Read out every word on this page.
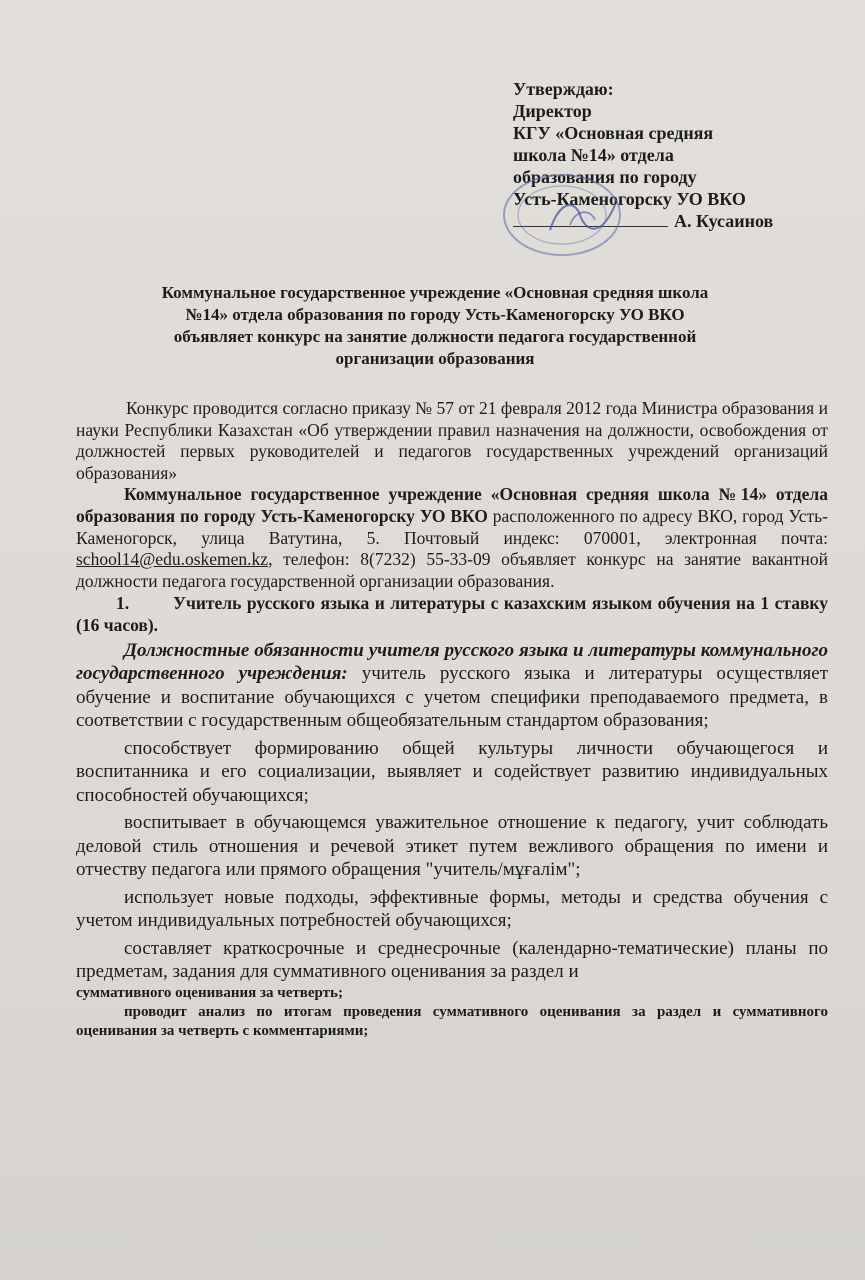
Утверждаю:
Директор
КГУ «Основная средняя
школа №14» отдела
образования по городу
Усть-Каменогорску УО ВКО
А. Кусаинов
Коммунальное государственное учреждение «Основная средняя школа
№14» отдела образования по городу Усть-Каменогорску УО ВКО
объявляет конкурс на занятие должности педагога государственной
организации образования

Конкурс проводится согласно приказу № 57 от 21 февраля 2012 года Министра образования и науки Республики Казахстан «Об утверждении правил назначения на должности, освобождения от должностей первых руководителей и педагогов государственных учреждений организаций образования»

Коммунальное государственное учреждение «Основная средняя школа №14» отдела образования по городу Усть-Каменогорску УО ВКО расположенного по адресу ВКО, город Усть-Каменогорск, улица Ватутина, 5. Почтовый индекс: 070001, электронная почта: school14@edu.oskemen.kz, телефон: 8(7232) 55-33-09 объявляет конкурс на занятие вакантной должности педагога государственной организации образования.

1.	Учитель русского языка и литературы с казахским языком обучения на 1 ставку (16 часов).

Должностные обязанности учителя русского языка и литературы коммунального государственного учреждения: учитель русского языка и литературы осуществляет обучение и воспитание обучающихся с учетом специфики преподаваемого предмета, в соответствии с государственным общеобязательным стандартом образования;

способствует формированию общей культуры личности обучающегося и воспитанника и его социализации, выявляет и содействует развитию индивидуальных способностей обучающихся;

воспитывает в обучающемся уважительное отношение к педагогу, учит соблюдать деловой стиль отношения и речевой этикет путем вежливого обращения по имени и отчеству педагога или прямого обращения "учитель/мұғалім";

использует новые подходы, эффективные формы, методы и средства обучения с учетом индивидуальных потребностей обучающихся;

составляет краткосрочные и среднесрочные (календарно-тематические) планы по предметам, задания для суммативного оценивания за раздел и

суммативного оценивания за четверть;

проводит анализ по итогам проведения суммативного оценивания за раздел и суммативного оценивания за четверть с комментариями;
